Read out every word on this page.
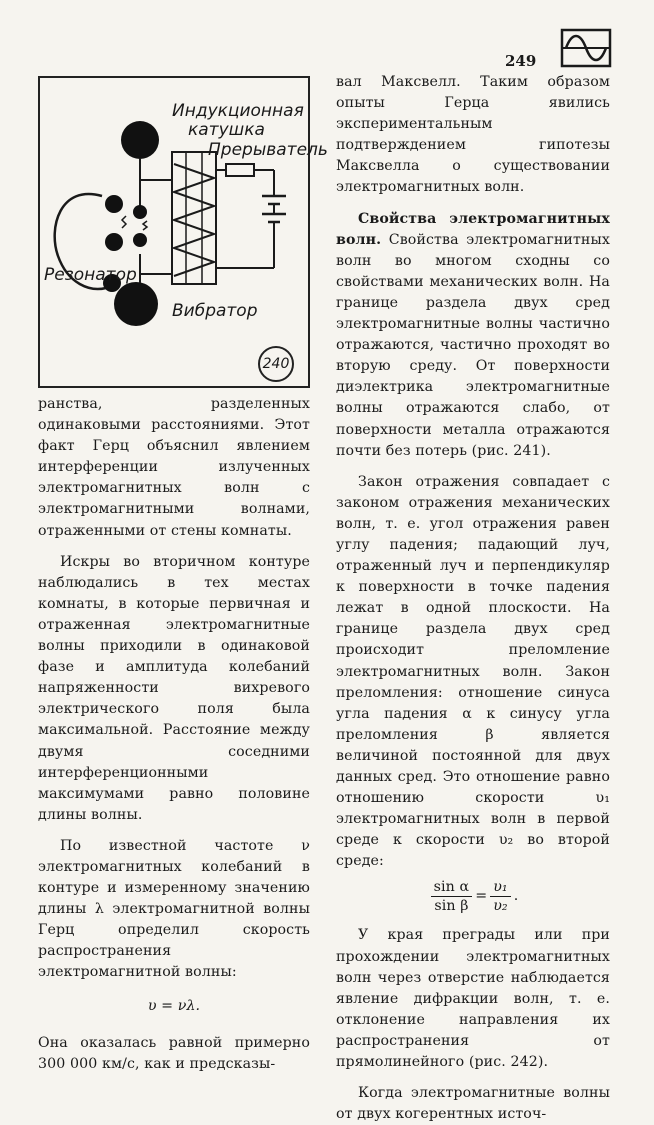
249
Индукционная
катушка
Прерыватель
Резонатор
Вибратор
240

ранства, разделенных одинаковыми расстояниями. Этот факт Герц объяснил явлением интерференции излученных электромагнитных волн с электромагнитными волнами, отраженными от стены комнаты.

Искры во вторичном контуре наблюдались в тех местах комнаты, в которые первичная и отраженная электромагнитные волны приходили в одинаковой фазе и амплитуда колебаний напряженности вихревого электрического поля была максимальной. Расстояние между двумя соседними интерференционными максимумами равно половине длины волны.

По известной частоте ν электромагнитных колебаний в контуре и измеренному значению длины λ электромагнитной волны Герц определил скорость распространения электромагнитной волны:

υ = νλ.

Она оказалась равной примерно 300 000 км/с, как и предсказы-

вал Максвелл. Таким образом опыты Герца явились экспериментальным подтверждением гипотезы Максвелла о существовании электромагнитных волн.

Свойства электромагнитных волн. Свойства электромагнитных волн во многом сходны со свойствами механических волн. На границе раздела двух сред электромагнитные волны частично отражаются, частично проходят во вторую среду. От поверхности диэлектрика электромагнитные волны отражаются слабо, от поверхности металла отражаются почти без потерь (рис. 241).

Закон отражения совпадает с законом отражения механических волн, т. е. угол отражения равен углу падения; падающий луч, отраженный луч и перпендикуляр к поверхности в точке падения лежат в одной плоскости. На границе раздела двух сред происходит преломление электромагнитных волн. Закон преломления: отношение синуса угла падения α к синусу угла преломления β является величиной постоянной для двух данных сред. Это отношение равно отношению скорости υ₁ электромагнитных волн в первой среде к скорости υ₂ во второй среде:

$\frac{\text{sin α}}{\text{sin β}} = \frac{\text{υ₁}}{\text{υ₂}}$ .

У края преграды или при прохождении электромагнитных волн через отверстие наблюдается явление дифракции волн, т. е. отклонение направления их распространения от прямолинейного (рис. 242).

Когда электромагнитные волны от двух когерентных источ-
